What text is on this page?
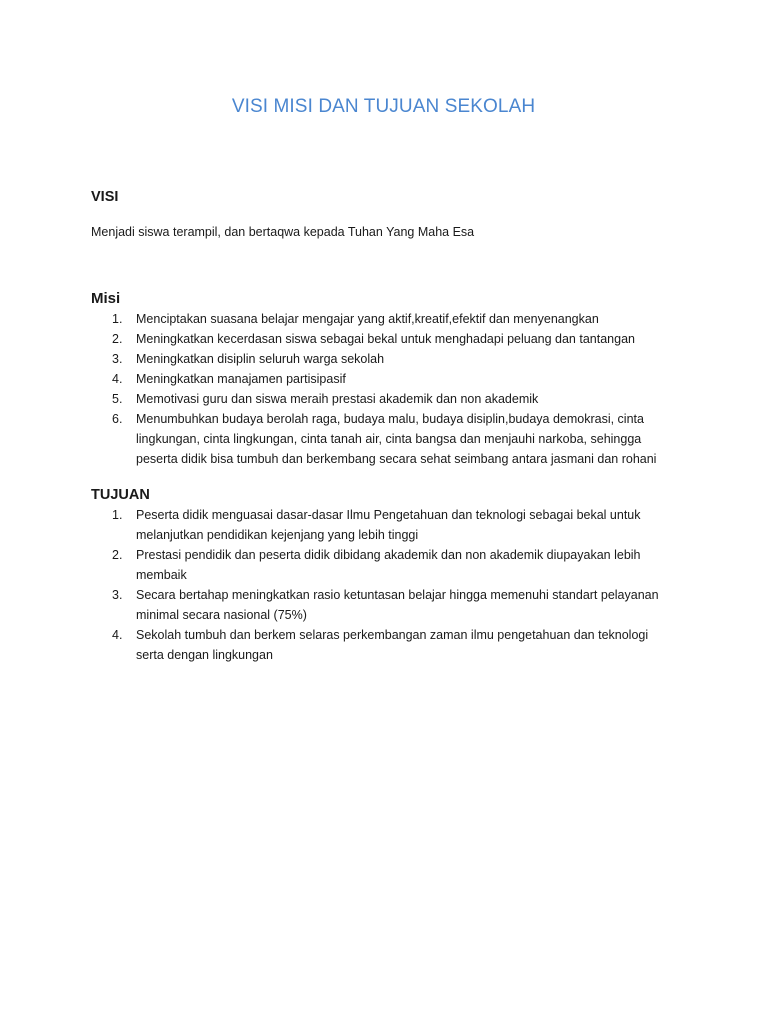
VISI MISI DAN TUJUAN SEKOLAH
VISI

Menjadi siswa terampil, dan bertaqwa kepada Tuhan Yang Maha Esa

Misi
1. Menciptakan suasana belajar mengajar yang aktif,kreatif,efektif dan menyenangkan
2. Meningkatkan kecerdasan siswa sebagai bekal untuk menghadapi peluang dan tantangan
3. Meningkatkan disiplin seluruh warga sekolah
4. Meningkatkan manajamen partisipasif
5. Memotivasi guru dan siswa meraih prestasi akademik dan non akademik
6. Menumbuhkan budaya berolah raga, budaya malu, budaya disiplin,budaya demokrasi, cinta lingkungan, cinta lingkungan, cinta tanah air, cinta bangsa dan menjauhi narkoba, sehingga peserta didik bisa tumbuh dan berkembang secara sehat seimbang antara jasmani dan rohani
TUJUAN
1. Peserta didik menguasai dasar-dasar Ilmu Pengetahuan dan teknologi sebagai bekal untuk melanjutkan pendidikan kejenjang yang lebih tinggi
2. Prestasi pendidik dan peserta didik dibidang akademik dan non akademik diupayakan lebih membaik
3. Secara bertahap meningkatkan rasio ketuntasan belajar hingga memenuhi standart pelayanan minimal secara nasional (75%)
4. Sekolah tumbuh dan berkem selaras perkembangan zaman ilmu pengetahuan dan teknologi serta dengan lingkungan
